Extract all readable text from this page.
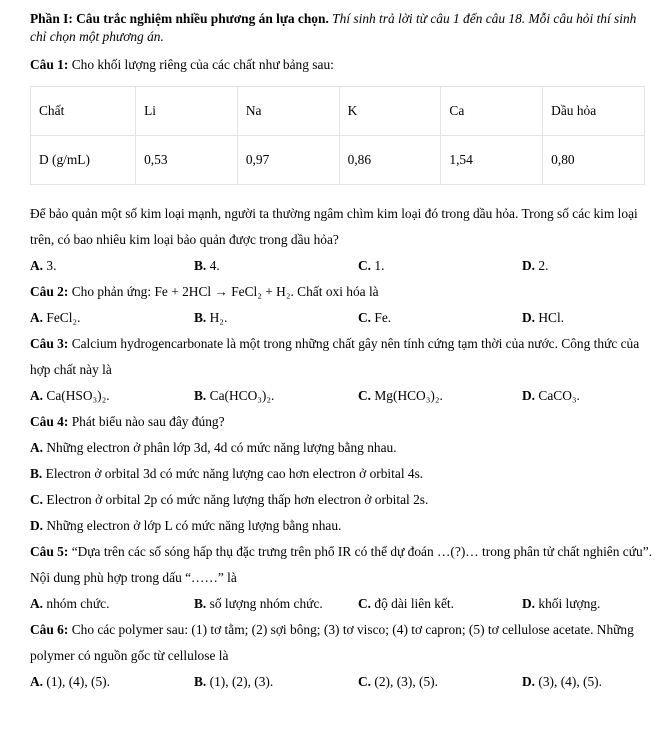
Phần I: Câu trắc nghiệm nhiều phương án lựa chọn. Thí sinh trả lời từ câu 1 đến câu 18. Mỗi câu hỏi thí sinh chỉ chọn một phương án.

Câu 1: Cho khối lượng riêng của các chất như bảng sau:

Chất	Li	Na	K	Ca	Dầu hỏa
D (g/mL)	0,53	0,97	0,86	1,54	0,80

Để bảo quản một số kim loại mạnh, người ta thường ngâm chìm kim loại đó trong dầu hỏa. Trong số các kim loại trên, có bao nhiêu kim loại bảo quản được trong dầu hỏa?

A. 3.	B. 4.	C. 1.	D. 2.

Câu 2: Cho phản ứng: Fe + 2HCl → FeCl₂ + H₂. Chất oxi hóa là

A. FeCl₂.	B. H₂.	C. Fe.	D. HCl.

Câu 3: Calcium hydrogencarbonate là một trong những chất gây nên tính cứng tạm thời của nước. Công thức của hợp chất này là

A. Ca(HSO₃)₂.	B. Ca(HCO₃)₂.	C. Mg(HCO₃)₂.	D. CaCO₃.

Câu 4: Phát biểu nào sau đây đúng?

A. Những electron ở phân lớp 3d, 4d có mức năng lượng bằng nhau.

B. Electron ở orbital 3d có mức năng lượng cao hơn electron ở orbital 4s.

C. Electron ở orbital 2p có mức năng lượng thấp hơn electron ở orbital 2s.

D. Những electron ở lớp L có mức năng lượng bằng nhau.

Câu 5: “Dựa trên các số sóng hấp thụ đặc trưng trên phổ IR có thể dự đoán …(?)… trong phân tử chất nghiên cứu”. Nội dung phù hợp trong dấu “……” là

A. nhóm chức.	B. số lượng nhóm chức.	C. độ dài liên kết.	D. khối lượng.

Câu 6: Cho các polymer sau: (1) tơ tằm; (2) sợi bông; (3) tơ visco; (4) tơ capron; (5) tơ cellulose acetate. Những polymer có nguồn gốc từ cellulose là

A. (1), (4), (5).	B. (1), (2), (3).	C. (2), (3), (5).	D. (3), (4), (5).
